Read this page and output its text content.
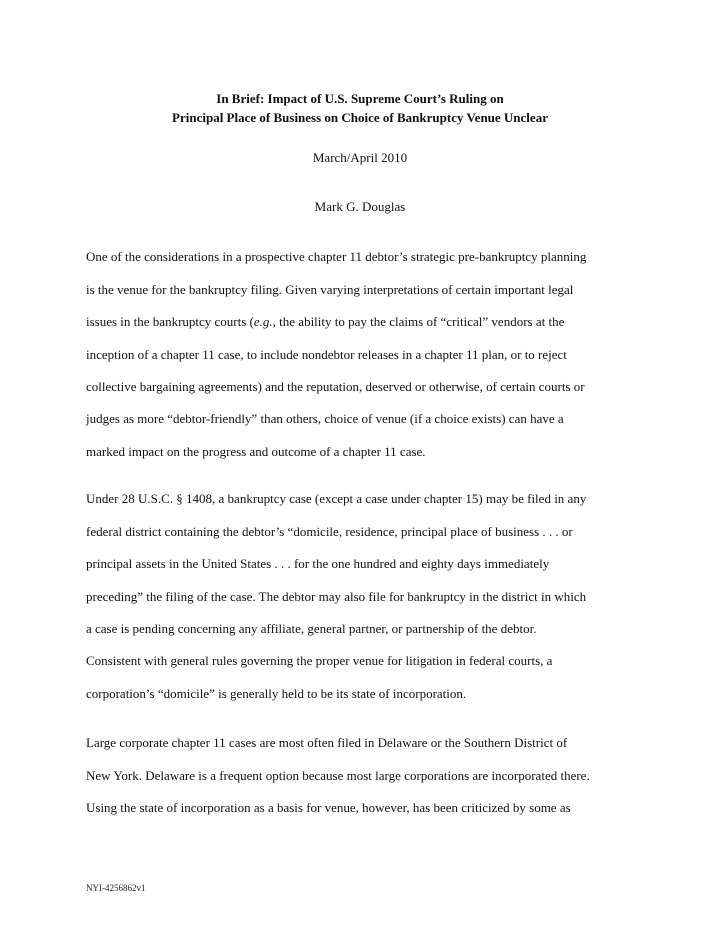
In Brief: Impact of U.S. Supreme Court’s Ruling on
Principal Place of Business on Choice of Bankruptcy Venue Unclear
March/April 2010
Mark G. Douglas
One of the considerations in a prospective chapter 11 debtor’s strategic pre-bankruptcy planning
is the venue for the bankruptcy filing. Given varying interpretations of certain important legal
issues in the bankruptcy courts (e.g., the ability to pay the claims of “critical” vendors at the
inception of a chapter 11 case, to include nondebtor releases in a chapter 11 plan, or to reject
collective bargaining agreements) and the reputation, deserved or otherwise, of certain courts or
judges as more “debtor-friendly” than others, choice of venue (if a choice exists) can have a
marked impact on the progress and outcome of a chapter 11 case.
Under 28 U.S.C. § 1408, a bankruptcy case (except a case under chapter 15) may be filed in any
federal district containing the debtor’s “domicile, residence, principal place of business . . . or
principal assets in the United States . . . for the one hundred and eighty days immediately
preceding” the filing of the case. The debtor may also file for bankruptcy in the district in which
a case is pending concerning any affiliate, general partner, or partnership of the debtor.
Consistent with general rules governing the proper venue for litigation in federal courts, a
corporation’s “domicile” is generally held to be its state of incorporation.
Large corporate chapter 11 cases are most often filed in Delaware or the Southern District of
New York. Delaware is a frequent option because most large corporations are incorporated there.
Using the state of incorporation as a basis for venue, however, has been criticized by some as
NYI-4256862v1
